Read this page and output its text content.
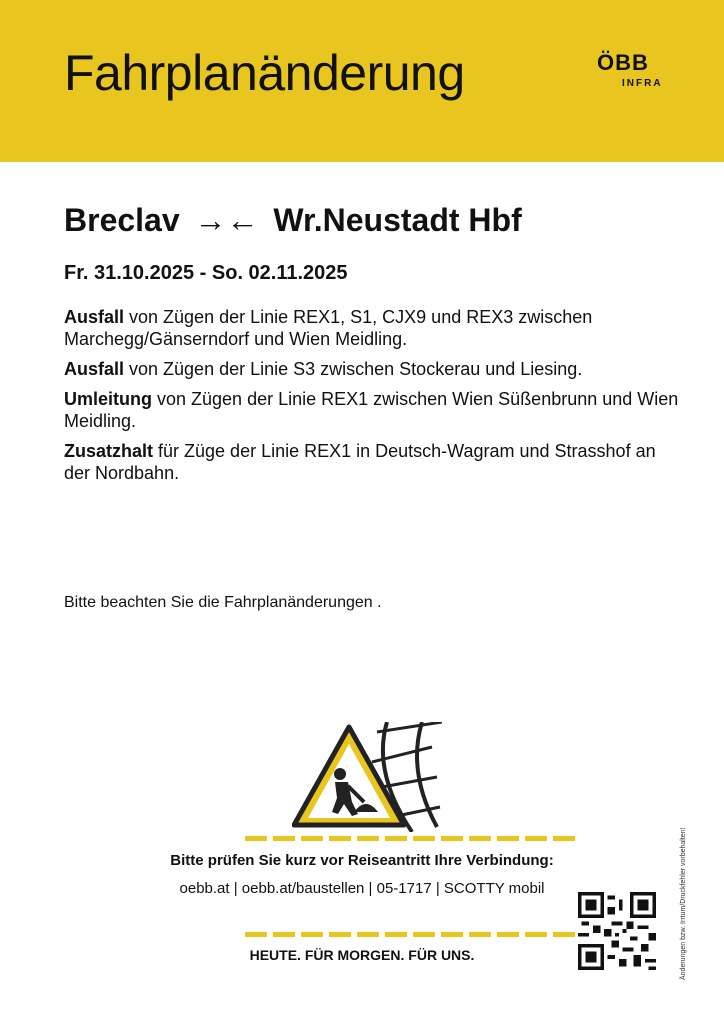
Fahrplanänderung	ÖBB
INFRA
Breclav →← Wr.Neustadt Hbf
Fr. 31.10.2025 - So. 02.11.2025
Ausfall von Zügen der Linie REX1, S1, CJX9 und REX3 zwischen Marchegg/Gänserndorf und Wien Meidling.
Ausfall von Zügen der Linie S3 zwischen Stockerau und Liesing.
Umleitung von Zügen der Linie REX1 zwischen Wien Süßenbrunn und Wien Meidling.
Zusatzhalt für Züge der Linie REX1 in Deutsch-Wagram und Strasshof an der Nordbahn.
Bitte beachten Sie die Fahrplanänderungen .
Bitte prüfen Sie kurz vor Reiseantritt Ihre Verbindung:
oebb.at | oebb.at/baustellen | 05-1717 | SCOTTY mobil
HEUTE. FÜR MORGEN. FÜR UNS.	Änderungen bzw. Irrtum/Druckfehler vorbehalten!
